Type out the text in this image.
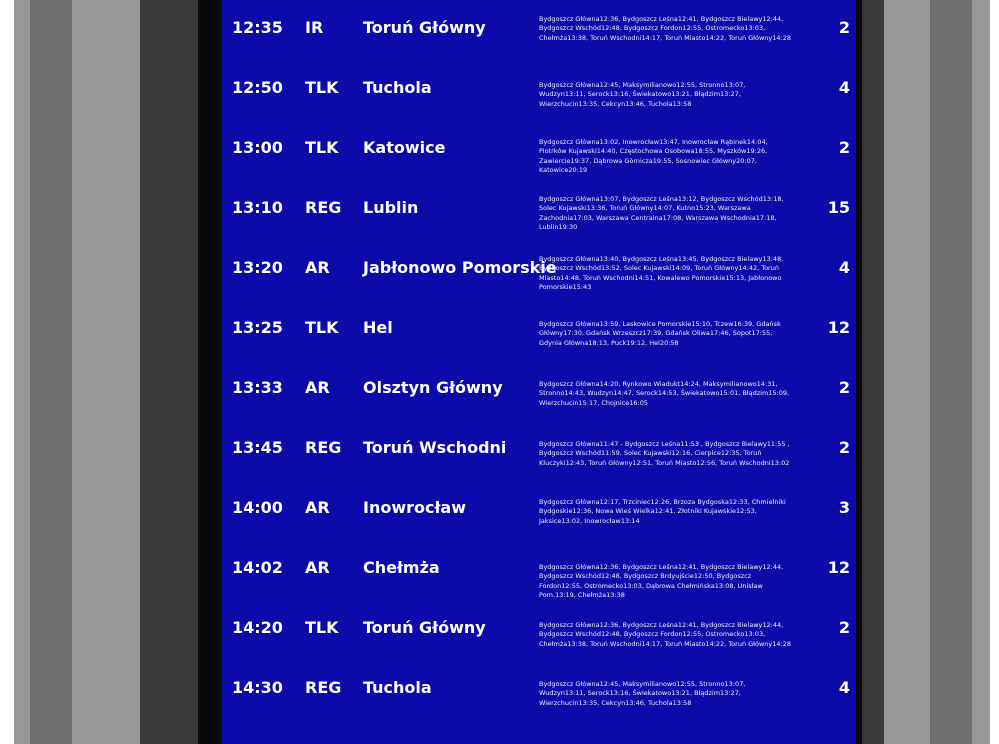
12:35 IR Toruń Główny	Bydgoszcz Główna12:36, Bydgoszcz Leśna12:41, Bydgoszcz Bielawy12:44, Bydgoszcz Wschód12:48, Bydgoszcz Fordon12:55, Ostromecko13:03, Chełmża13:38, Toruń Wschodni14:17, Toruń Miasto14:22, Toruń Główny14:28
2
12:50 TLK Tuchola	Bydgoszcz Główna12:45, Maksymilianowo12:55, Stronno13:07, Wudzyn13:11, Serock13:16, Świekatowo13:21, Błądzim13:27, Wierzchucin13:35, Cekcyn13:46, Tuchola13:58
4
13:00 TLK Katowice	Bydgoszcz Główna13:02, Inowrocław13:47, Inowrocław Rąbinek14:04, Piotrków Kujawski14:40, Częstochowa Osobowa18:55, Myszków19:26, Zawiercie19:37, Dąbrowa Górnicza19:55, Sosnowiec Główny20:07, Katowice20:19
2
13:10 REG Lublin	Bydgoszcz Główna13:07, Bydgoszcz Leśna13:12, Bydgoszcz Wschód13:18, Solec Kujawski13:36, Toruń Główny14:07, Kutno15:23, Warszawa Zachodnia17:03, Warszawa Centralna17:08, Warszawa Wschodnia17:18, Lublin19:30
15
13:20 AR Jabłonowo Pomorskie
Bydgoszcz Główna13:40, Bydgoszcz Leśna13:45, Bydgoszcz Bielawy13:48, Bydgoszcz Wschód13:52, Solec Kujawski14:09, Toruń Główny14:42, Toruń Miasto14:48, Toruń Wschodni14:51, Kowalewo Pomorskie15:13, Jabłonowo Pomorskie15:43
4
13:25 TLK Hel	Bydgoszcz Główna13:59, Laskowice Pomorskie15:10, Tczew16:39, Gdańsk Główny17:30, Gdańsk Wrzeszcz17:39, Gdańsk Oliwa17:46, Sopot17:55, Gdynia Główna18:13, Puck19:12, Hel20:58
12
13:33 AR Olsztyn Główny	Bydgoszcz Główna14:20, Rynkowo Wiadukt14:24, Maksymilianowo14:31, Stronno14:43, Wudzyn14:47, Serock14:53, Świekatowo15:01, Błądzim15:09, Wierzchucin15:17, Chojnice16:05
2
13:45 REG Toruń Wschodni	Bydgoszcz Główna11:47 - Bydgoszcz Leśna11:53 , Bydgoszcz Bielawy11:55 , Bydgoszcz Wschód11:59, Solec Kujawski12:16, Cierpice12:35, Toruń Kluczyki12:43, Toruń Główny12:51, Toruń Miasto12:56, Toruń Wschodni13:02
2
14:00 AR Inowrocław	Bydgoszcz Główna12:17, Trzciniec12:26, Brzoza Bydgoska12:33, Chmielniki Bydgoskie12:36, Nowa Wieś Wielka12:41, Złotniki Kujawskie12:53, Jaksice13:02, Inowrocław13:14
3
14:02 AR Chełmża	Bydgoszcz Główna12:36, Bydgoszcz Leśna12:41, Bydgoszcz Bielawy12:44, Bydgoszcz Wschód12:48, Bydgoszcz Brdyujście12:50, Bydgoszcz Fordon12:55, Ostromecko13:03, Dąbrowa Chełmińska13:08, Unisław Pom.13:19, Chełmża13:38
12
14:20 TLK Toruń Główny	Bydgoszcz Główna12:36, Bydgoszcz Leśna12:41, Bydgoszcz Bielawy12:44, Bydgoszcz Wschód12:48, Bydgoszcz Fordon12:55, Ostromecko13:03, Chełmża13:38, Toruń Wschodni14:17, Toruń Miasto14:22, Toruń Główny14:28
2
14:30 REG Tuchola	Bydgoszcz Główna12:45, Maksymilianowo12:55, Stronno13:07, Wudzyn13:11, Serock13:16, Świekatowo13:21, Błądzim13:27, Wierzchucin13:35, Cekcyn13:46, Tuchola13:58
4
